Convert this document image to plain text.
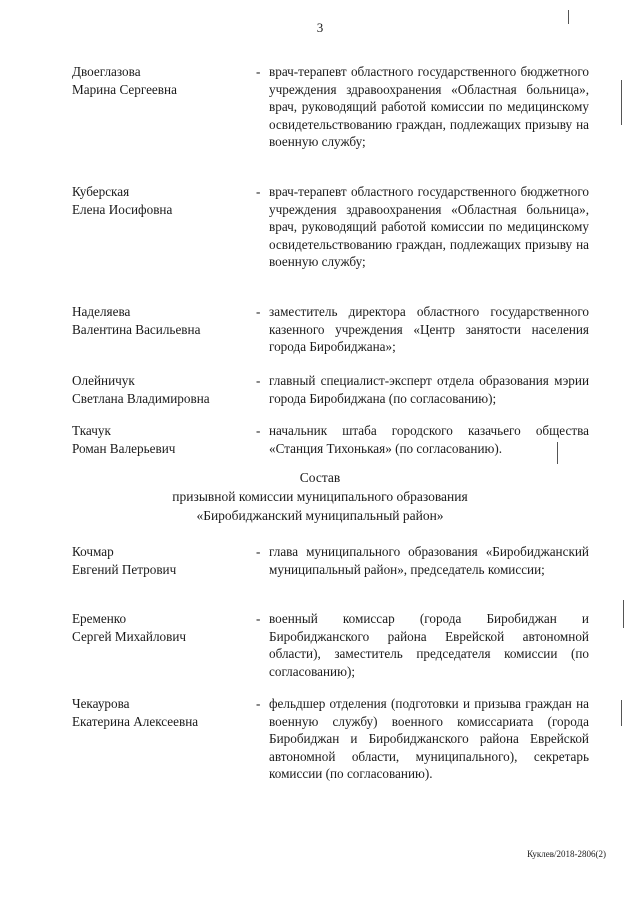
3
Двоеглазова
Марина Сергеевна
- врач-терапевт областного государственного бюджетного учреждения здравоохранения «Областная больница», врач, руководящий работой комиссии по медицинскому освидетельствованию граждан, подлежащих призыву на военную службу;
Куберская
Елена Иосифовна
- врач-терапевт областного государственного бюджетного учреждения здравоохранения «Областная больница», врач, руководящий работой комиссии по медицинскому освидетельствованию граждан, подлежащих призыву на военную службу;
Наделяева
Валентина Васильевна
- заместитель директора областного государственного казенного учреждения «Центр занятости населения города Биробиджана»;
Олейничук
Светлана Владимировна
- главный специалист-эксперт отдела образования мэрии города Биробиджана (по согласованию);
Ткачук
Роман Валерьевич
- начальник штаба городского казачьего общества «Станция Тихонькая» (по согласованию).
Состав
призывной комиссии муниципального образования
«Биробиджанский муниципальный район»
Кочмар
Евгений Петрович
- глава муниципального образования «Биробиджанский муниципальный район», председатель комиссии;
Еременко
Сергей Михайлович
- военный комиссар (города Биробиджан и Биробиджанского района Еврейской автономной области), заместитель председателя комиссии (по согласованию);
Чекаурова
Екатерина Алексеевна
- фельдшер отделения (подготовки и призыва граждан на военную службу) военного комиссариата (города Биробиджан и Биробиджанского района Еврейской автономной области, муниципального), секретарь комиссии (по согласованию).
Куклев/2018-2806(2)
